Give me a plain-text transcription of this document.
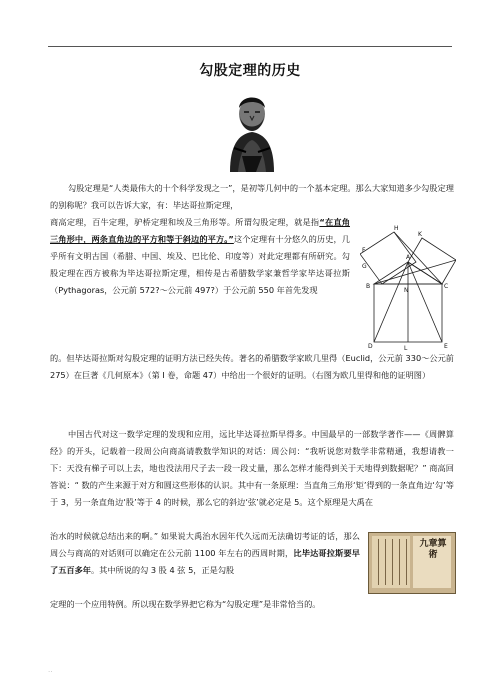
勾股定理的历史
勾股定理是“人类最伟大的十个科学发现之一”，是初等几何中的一个基本定理。那么大家知道多少勾股定理的别称呢？我可以告诉大家，有：毕达哥拉斯定理，
商高定理，百牛定理，驴桥定理和埃及三角形等。所谓勾股定理，就是指“在直角三角形中，两条直角边的平方和等于斜边的平方。”这个定理有十分悠久的历史，几乎所有文明古国（希腊、中国、埃及、巴比伦、印度等）对此定理都有所研究。勾股定理在西方被称为毕达哥拉斯定理，相传是古希腊数学家兼哲学家毕达哥拉斯（Pythagoras，公元前 572?～公元前 497?）于公元前 550 年首先发现
H
K
A
F
G
B	C
N
D	L	E
的。但毕达哥拉斯对勾股定理的证明方法已经失传。著名的希腊数学家欧几里得（Euclid，公元前 330～公元前 275）在巨著《几何原本》（第 Ⅰ 卷，命题 47）中给出一个很好的证明。（右图为欧几里得和他的证明图）
中国古代对这一数学定理的发现和应用，远比毕达哥拉斯早得多。中国最早的一部数学著作——《周髀算经》的开头，记载着一段周公向商高请教数学知识的对话：周公问：“我听说您对数学非常精通，我想请教一下：天没有梯子可以上去，地也没法用尺子去一段一段丈量，那么怎样才能得到关于天地得到数据呢？” 商高回答说：“ 数的产生来源于对方和圆这些形体的认识。其中有一条原理：当直角三角形‘矩’得到的一条直角边‘勾’等于 3，另一条直角边‘股’等于 4 的时候，那么它的斜边‘弦’就必定是 5。这个原理是大禹在
治水的时候就总结出来的啊。” 如果说大禹治水因年代久远而无法确切考证的话，那么周公与商高的对话则可以确定在公元前 1100 年左右的西周时期，比毕达哥拉斯要早了五百多年。其中所说的勾 3 股 4 弦 5，正是勾股
九章算術
定理的一个应用特例。所以现在数学界把它称为“勾股定理”是非常恰当的。
..
